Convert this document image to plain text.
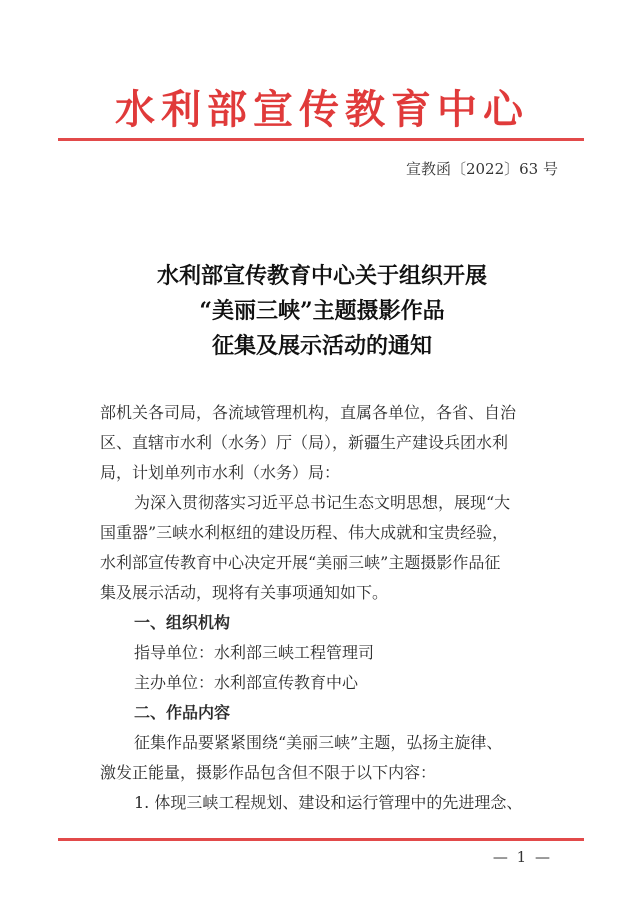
水利部宣传教育中心
宣教函〔2022〕63 号
水利部宣传教育中心关于组织开展
“美丽三峡”主题摄影作品
征集及展示活动的通知
部机关各司局，各流域管理机构，直属各单位，各省、自治
区、直辖市水利（水务）厅（局），新疆生产建设兵团水利
局，计划单列市水利（水务）局：
为深入贯彻落实习近平总书记生态文明思想，展现“大
国重器”三峡水利枢纽的建设历程、伟大成就和宝贵经验，
水利部宣传教育中心决定开展“美丽三峡”主题摄影作品征
集及展示活动，现将有关事项通知如下。
一、组织机构
指导单位：水利部三峡工程管理司
主办单位：水利部宣传教育中心
二、作品内容
征集作品要紧紧围绕“美丽三峡”主题，弘扬主旋律、
激发正能量，摄影作品包含但不限于以下内容：
1. 体现三峡工程规划、建设和运行管理中的先进理念、
— 1 —
